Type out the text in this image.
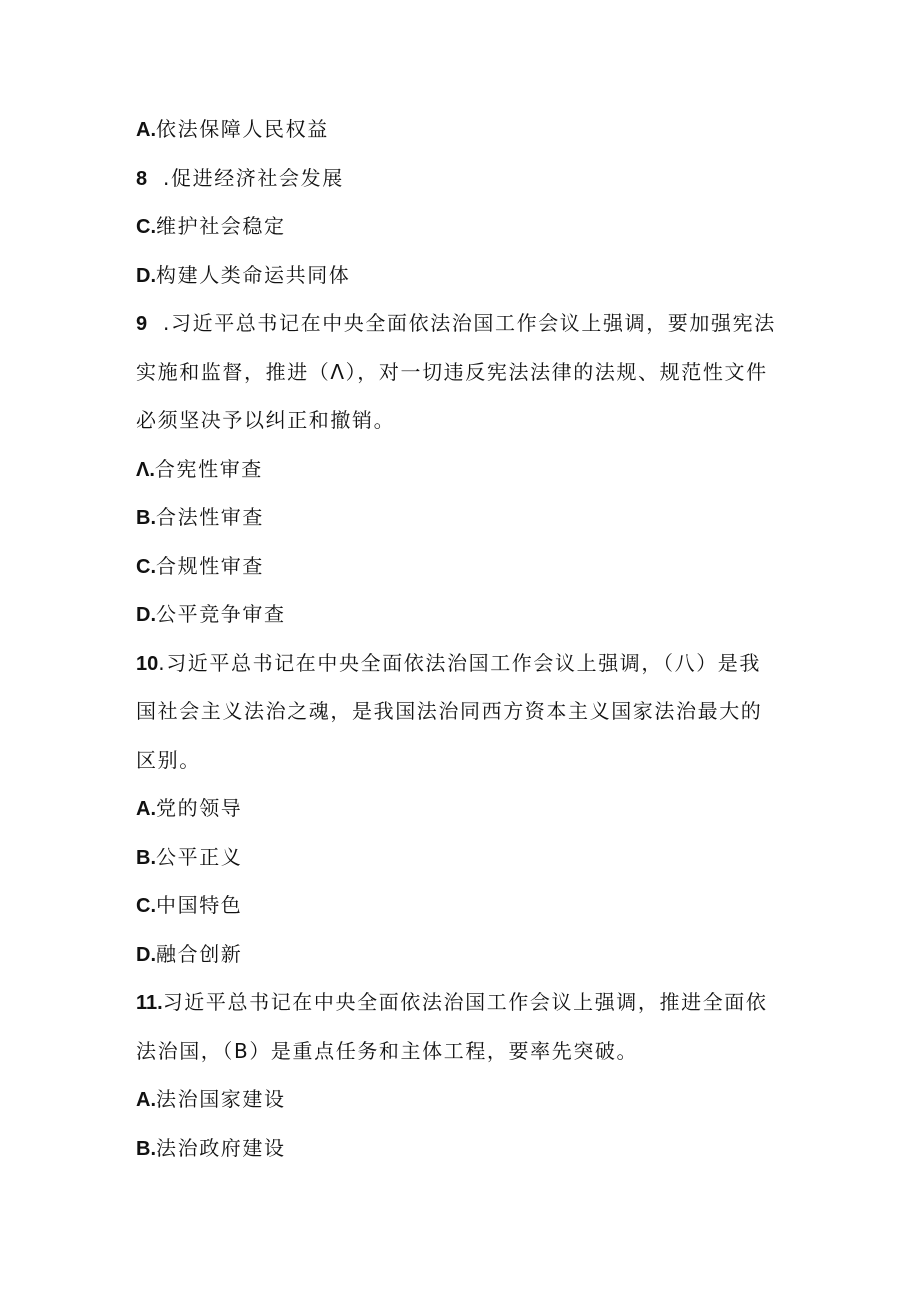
A.依法保障人民权益
8  .促进经济社会发展
C.维护社会稳定
D.构建人类命运共同体
9  .习近平总书记在中央全面依法治国工作会议上强调，要加强宪法
实施和监督，推进（Λ），对一切违反宪法法律的法规、规范性文件
必须坚决予以纠正和撤销。
Λ.合宪性审查
B.合法性审查
C.合规性审查
D.公平竞争审查
10.习近平总书记在中央全面依法治国工作会议上强调，（八）是我
国社会主义法治之魂，是我国法治同西方资本主义国家法治最大的
区别。
A.党的领导
B.公平正义
C.中国特色
D.融合创新
11.习近平总书记在中央全面依法治国工作会议上强调，推进全面依
法治国，（B）是重点任务和主体工程，要率先突破。
A.法治国家建设
B.法治政府建设
